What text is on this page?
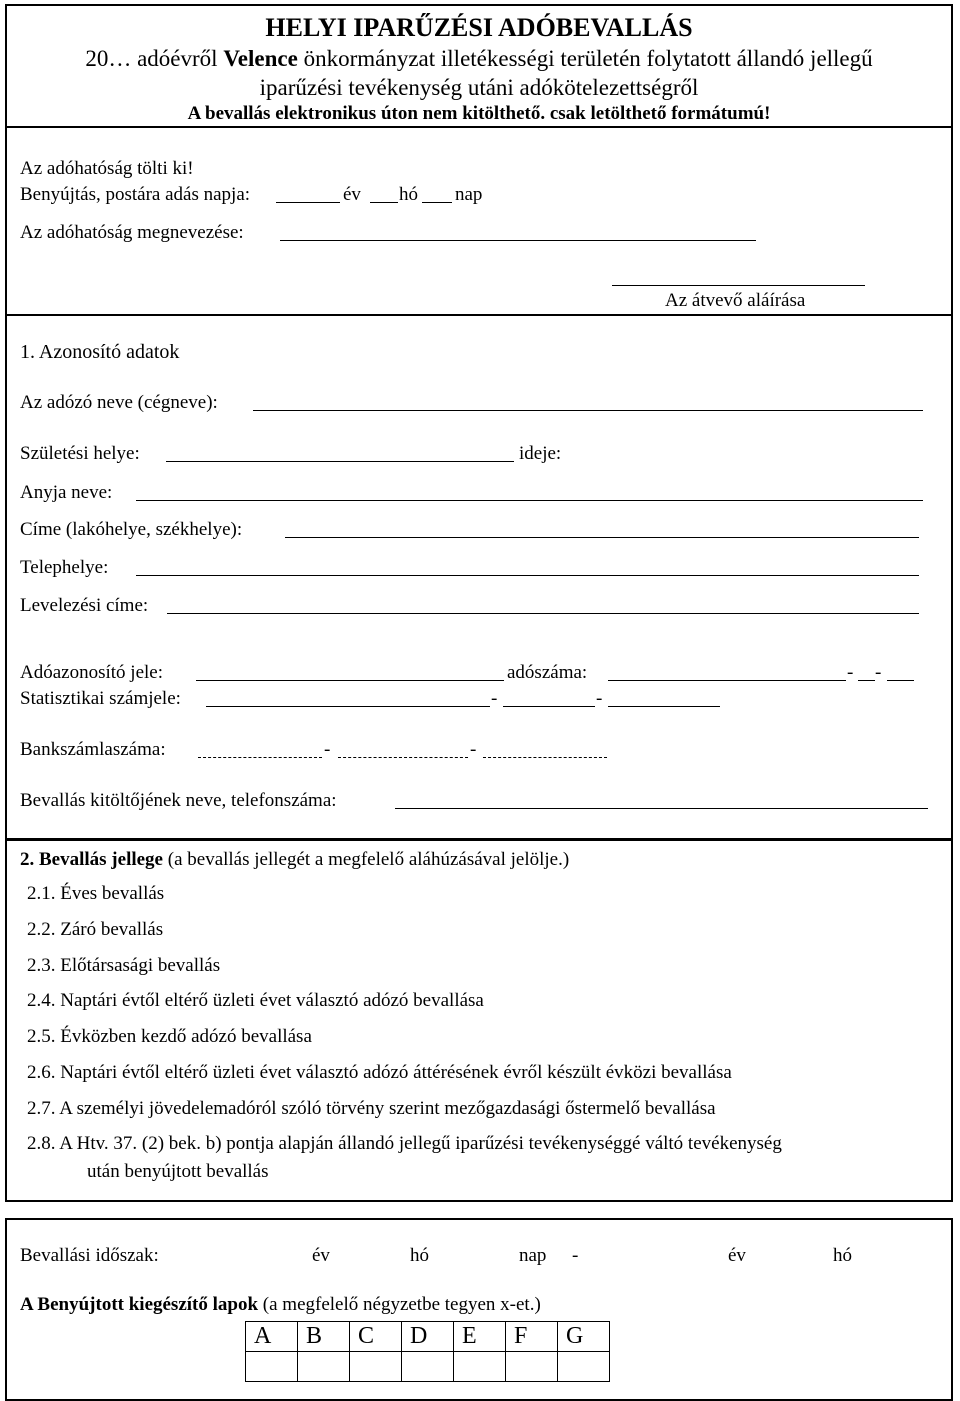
HELYI IPARŰZÉSI ADÓBEVALLÁS
20… adóévről Velence önkormányzat illetékességi területén folytatott állandó jellegű
iparűzési tevékenység utáni adókötelezettségről
A bevallás elektronikus úton nem kitölthető. csak letölthető formátumú!
Az adóhatóság tölti ki!
Benyújtás, postára adás napja:	év hó nap
Az adóhatóság megnevezése:
Az átvevő aláírása
1. Azonosító adatok
Az adózó neve (cégneve):
Születési helye:	ideje:
Anyja neve:
Címe (lakóhelye, székhelye):
Telephelye:
Levelezési címe:
Adóazonosító jele:	adószáma:	- -
Statisztikai számjele:	-	-
Bankszámlaszáma:	-	-
Bevallás kitöltőjének neve, telefonszáma:
2. Bevallás jellege (a bevallás jellegét a megfelelő aláhúzásával jelölje.)
2.1. Éves bevallás
2.2. Záró bevallás
2.3. Előtársasági bevallás
2.4. Naptári évtől eltérő üzleti évet választó adózó bevallása
2.5. Évközben kezdő adózó bevallása
2.6. Naptári évtől eltérő üzleti évet választó adózó áttérésének évről készült évközi bevallása
2.7. A személyi jövedelemadóról szóló törvény szerint mezőgazdasági őstermelő bevallása
2.8. A Htv. 37. (2) bek. b) pontja alapján állandó jellegű iparűzési tevékenységgé váltó tevékenység
után benyújtott bevallás
Bevallási időszak:	év	hó	nap -	év	hó
A Benyújtott kiegészítő lapok (a megfelelő négyzetbe tegyen x-et.)
A	B	C	D	E	F	G
